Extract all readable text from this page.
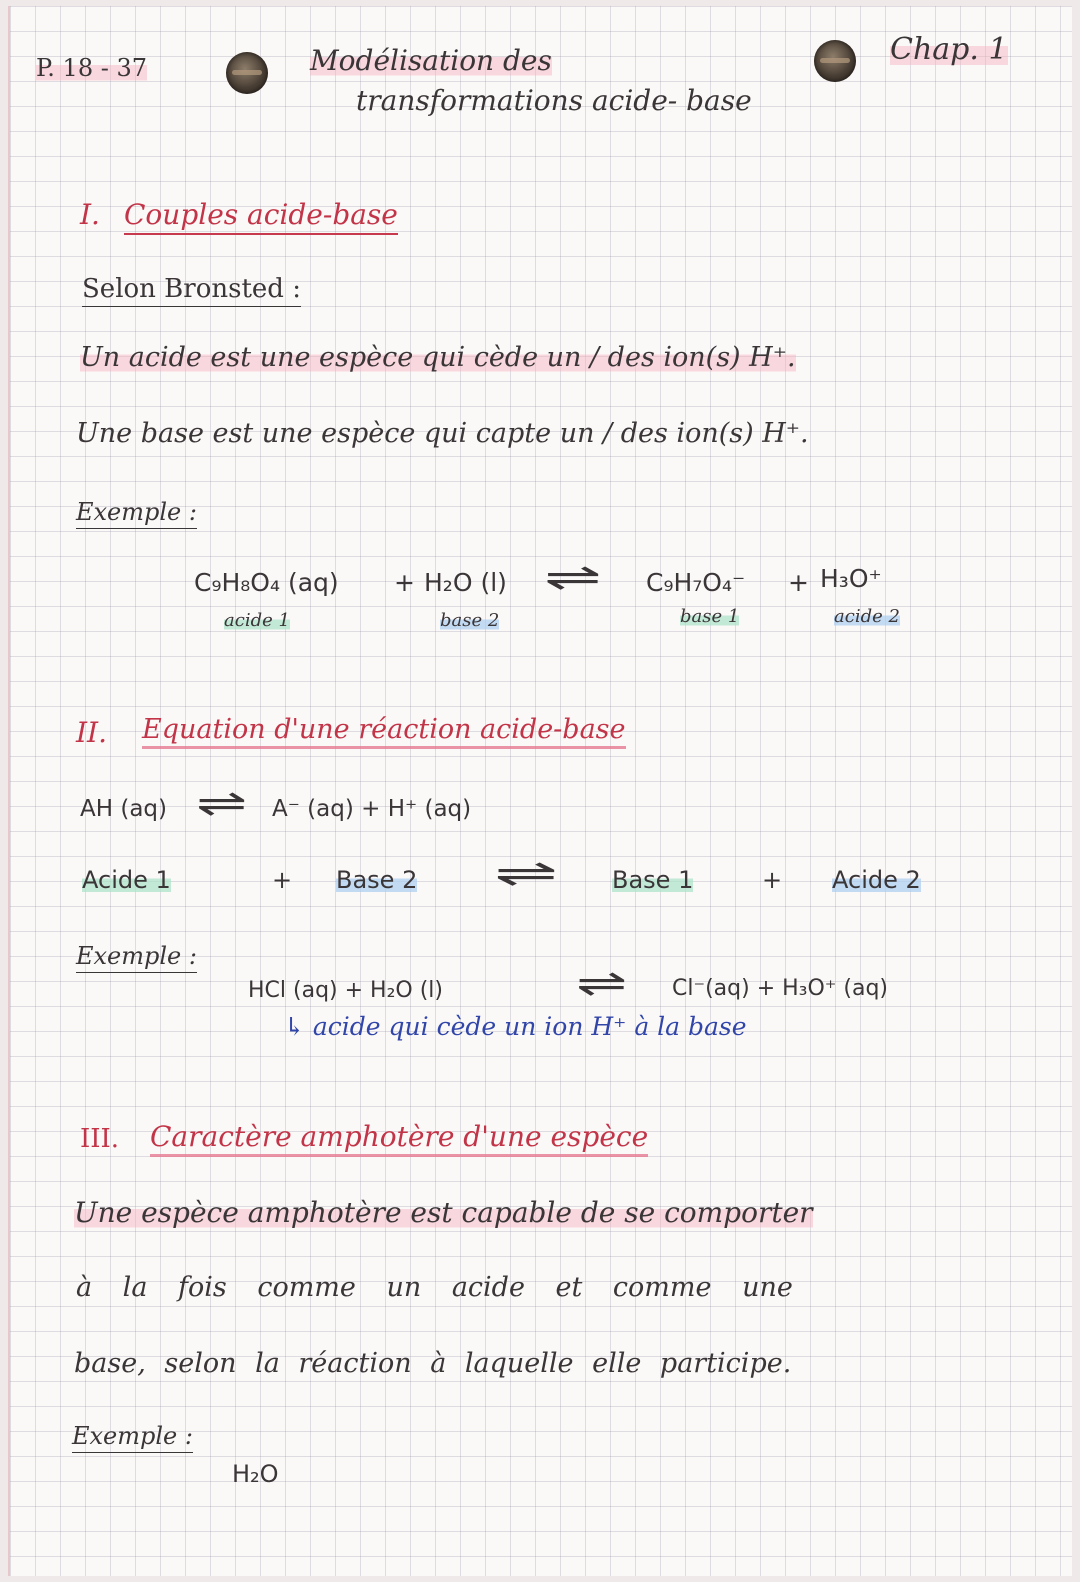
P. 18 - 37	Modélisation des
transformations acide- base
Chap. 1
I. Couples acide-base
Selon Bronsted :
Un acide est une espèce qui cède un / des ion(s) H⁺.
Une base est une espèce qui capte un / des ion(s) H⁺.
Exemple :
C₉H₈O₄ (aq) + H₂O (l) ⇌ C₉H₇O₄⁻ + H₃O⁺
acide 1	base 2	base 1	acide 2
II. Equation d'une réaction acide-base
AH (aq) ⇌ A⁻ (aq) + H⁺ (aq)
Acide 1	+ Base 2 ⇌ Base 1	+ Acide 2
Exemple :
HCl (aq) + H₂O (l)	⇌ Cl⁻(aq) + H₃O⁺ (aq)
↳ acide qui cède un ion H⁺ à la base
III. Caractère amphotère d'une espèce
Une espèce amphotère est capable de se comporter
à la fois comme un acide et comme une
base, selon la réaction à laquelle elle participe.
Exemple :
H₂O
